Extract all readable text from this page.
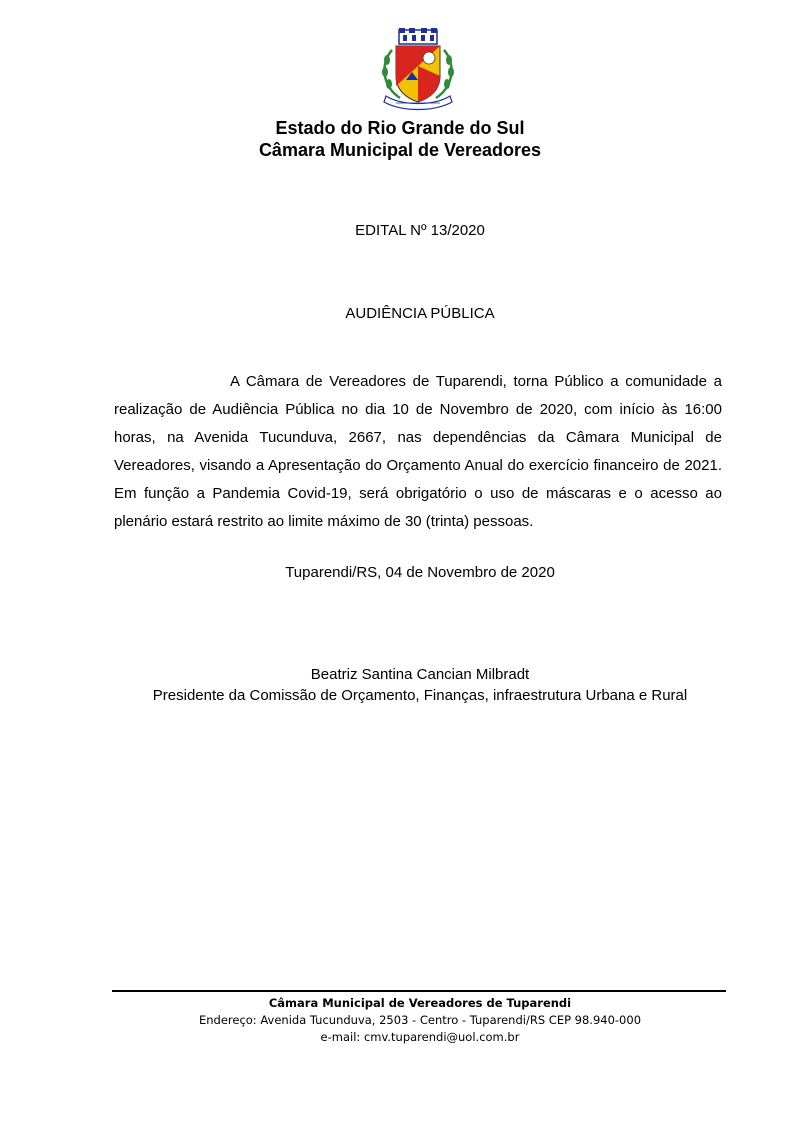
Estado do Rio Grande do Sul
Câmara Municipal de Vereadores
EDITAL Nº 13/2020
AUDIÊNCIA PÚBLICA

A Câmara de Vereadores de Tuparendi, torna Público a comunidade a realização de Audiência Pública no dia 10 de Novembro de 2020, com início às 16:00 horas, na Avenida Tucunduva, 2667, nas dependências da Câmara Municipal de Vereadores, visando a Apresentação do Orçamento Anual do exercício financeiro de 2021. Em função a Pandemia Covid-19, será obrigatório o uso de máscaras e o acesso ao plenário estará restrito ao limite máximo de 30 (trinta) pessoas.

Tuparendi/RS, 04 de Novembro de 2020
Beatriz Santina Cancian Milbradt
Presidente da Comissão de Orçamento, Finanças, infraestrutura Urbana e Rural
Câmara Municipal de Vereadores de Tuparendi
Endereço: Avenida Tucunduva, 2503 - Centro - Tuparendi/RS CEP 98.940-000
e-mail: cmv.tuparendi@uol.com.br
